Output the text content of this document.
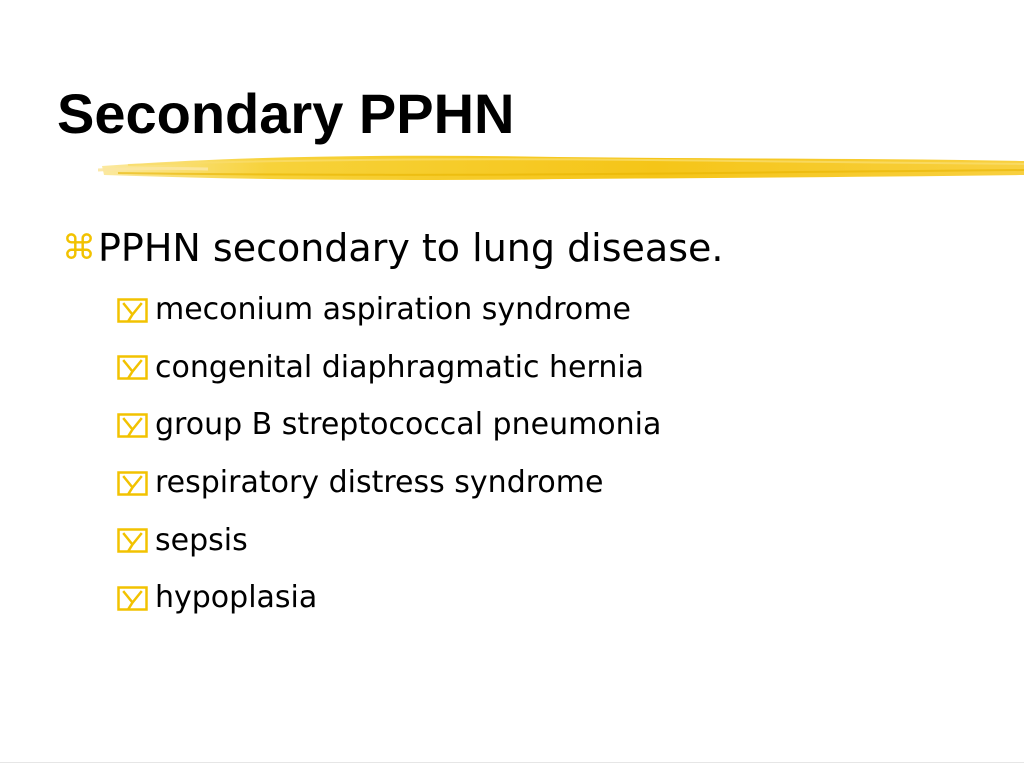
Secondary PPHN
⌘ PPHN secondary to lung disease.
meconium aspiration syndrome
congenital diaphragmatic hernia
group B streptococcal pneumonia
respiratory distress syndrome
sepsis
hypoplasia
